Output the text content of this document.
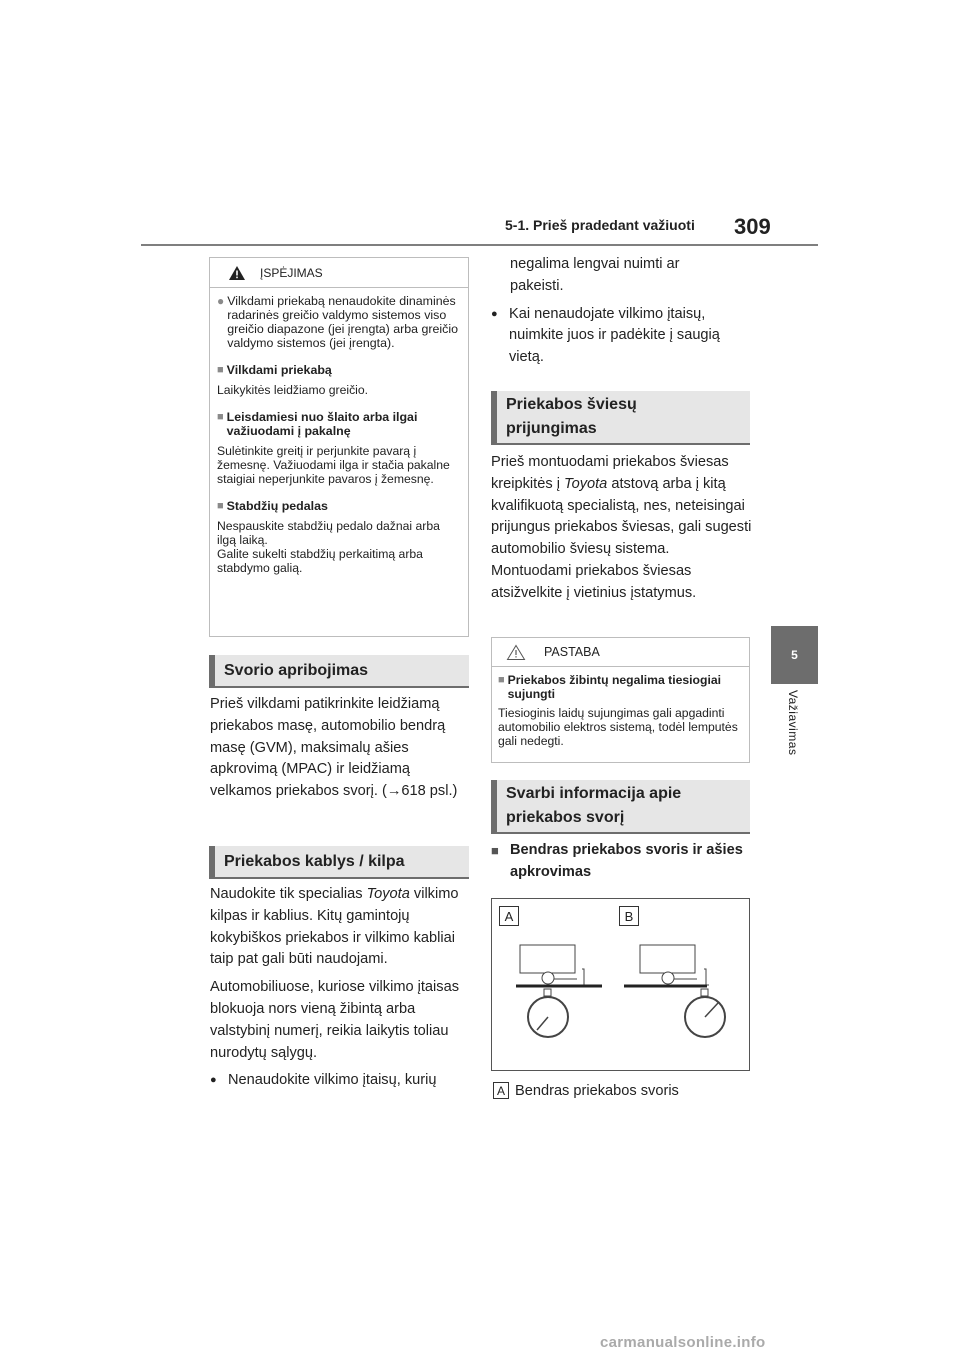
5-1. Prieš pradedant važiuoti 309
5
Važiavimas
ĮSPĖJIMAS
● Vilkdami priekabą nenaudokite dinaminės radarinės greičio valdymo sistemos viso greičio diapazone (jei įrengta) arba greičio valdymo sistemos (jei įrengta).
■ Vilkdami priekabą
Laikykitės leidžiamo greičio.
■ Leisdamiesi nuo šlaito arba ilgai važiuodami į pakalnę
Sulėtinkite greitį ir perjunkite pavarą į žemesnę. Važiuodami ilga ir stačia pakalne staigiai neperjunkite pavaros į žemesnę.
■ Stabdžių pedalas
Nespauskite stabdžių pedalo dažnai arba ilgą laiką.
Galite sukelti stabdžių perkaitimą arba stabdymo galią.
Svorio apribojimas

Prieš vilkdami patikrinkite leidžiamą priekabos masę, automobilio bendrą masę (GVM), maksimalų ašies apkrovimą (MPAC) ir leidžiamą velkamos priekabos svorį. (→618 psl.)

Priekabos kablys / kilpa

Naudokite tik specialias Toyota vilkimo kilpas ir kablius. Kitų gamintojų kokybiškos priekabos ir vilkimo kabliai taip pat gali būti naudojami.

Automobiliuose, kuriose vilkimo įtaisas blokuoja nors vieną žibintą arba valstybinį numerį, reikia laikytis toliau nurodytų sąlygų.

● Nenaudokite vilkimo įtaisų, kurių

negalima lengvai nuimti ar
pakeisti.

● Kai nenaudojate vilkimo įtaisų, nuimkite juos ir padėkite į saugią vietą.
Priekabos šviesų
prijungimas

Prieš montuodami priekabos šviesas kreipkitės į Toyota atstovą arba į kitą kvalifikuotą specialistą, nes, neteisingai prijungus priekabos šviesas, gali sugesti automobilio šviesų sistema. Montuodami priekabos šviesas atsižvelkite į vietinius įstatymus.

PASTABA
■ Priekabos žibintų negalima tiesiogiai sujungti
Tiesioginis laidų sujungimas gali apgadinti automobilio elektros sistemą, todėl lemputės gali nedegti.
Svarbi informacija apie
priekabos svorį
■ Bendras priekabos svoris ir ašies apkrovimas
A	B
A Bendras priekabos svoris
carmanualsonline.info
